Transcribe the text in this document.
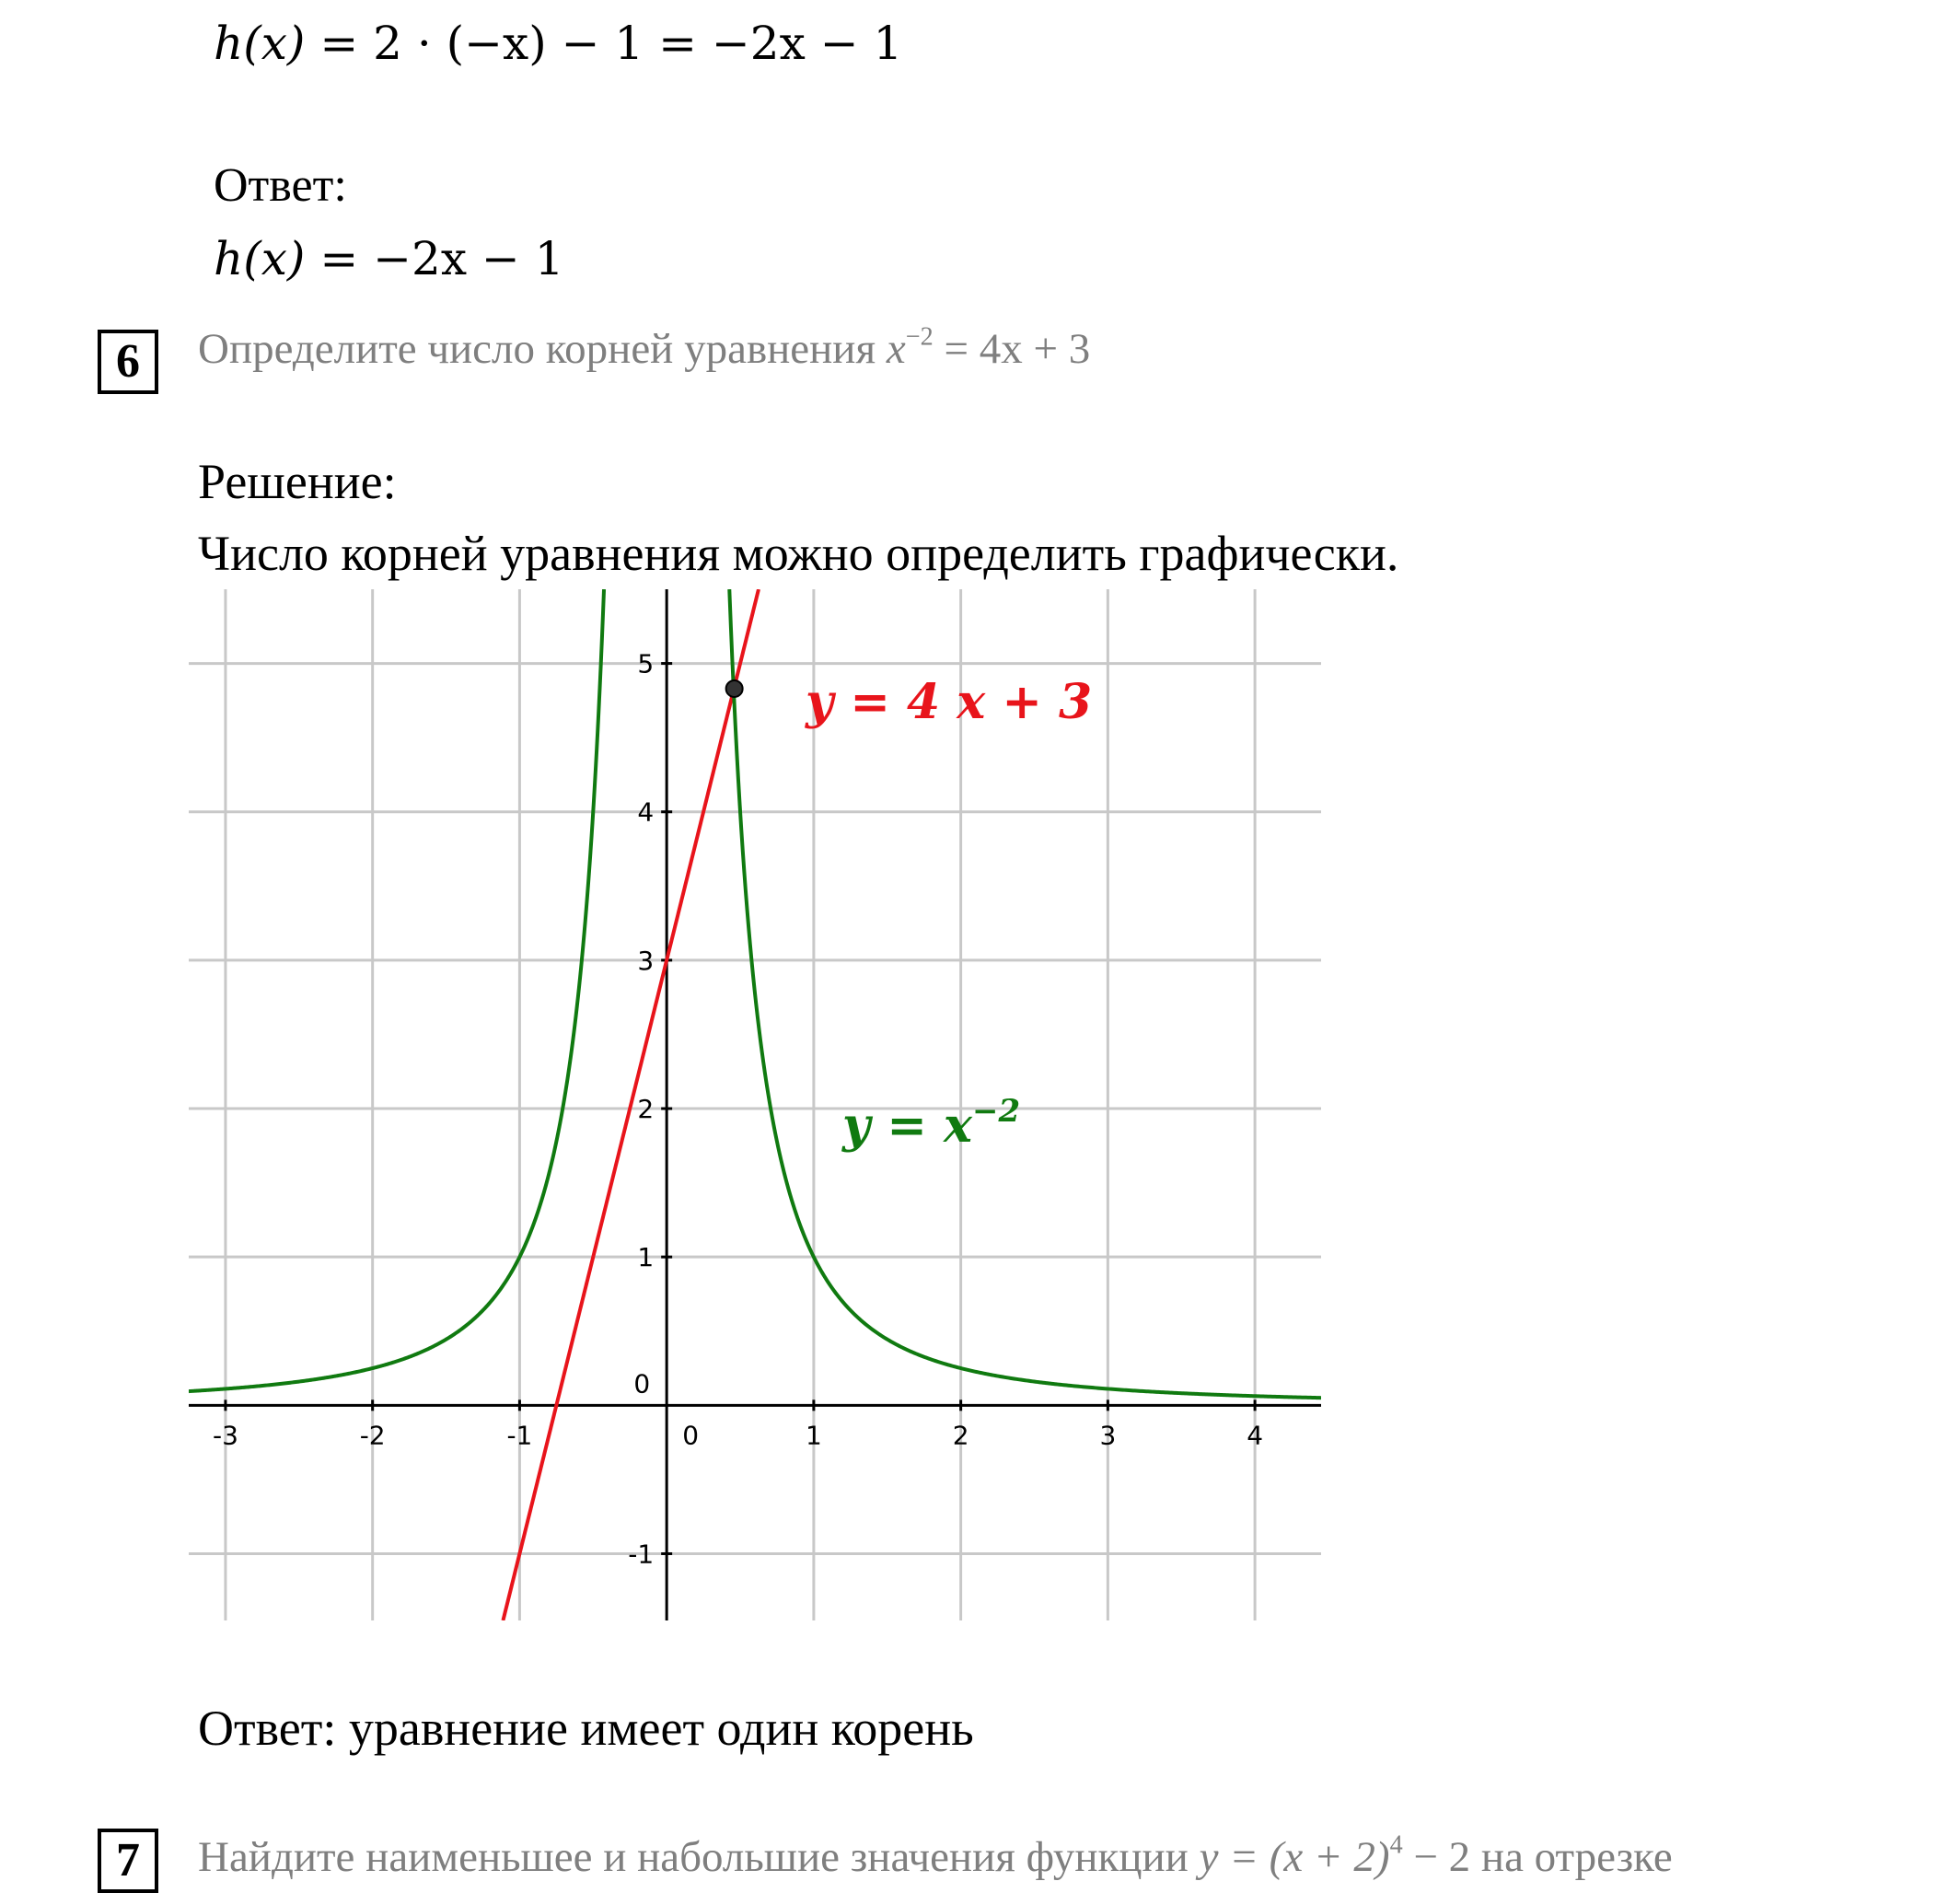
h(x) = 2 · (−x) − 1 = −2x − 1
Ответ:
h(x) = −2x − 1
6	Определите число корней уравнения $x^{-2} = 4x + 3$
Решение:
Число корней уравнения можно определить графически.
-3	-2	-1	0	1	2	3	4
-1
1
2
3
4
5
0
y = 4 x + 3
$y = x^{-2}$
Ответ: уравнение имеет один корень
7	Найдите наименьшее и набольшие значения функции $y = (x + 2)^4 - 2$ на отрезке
